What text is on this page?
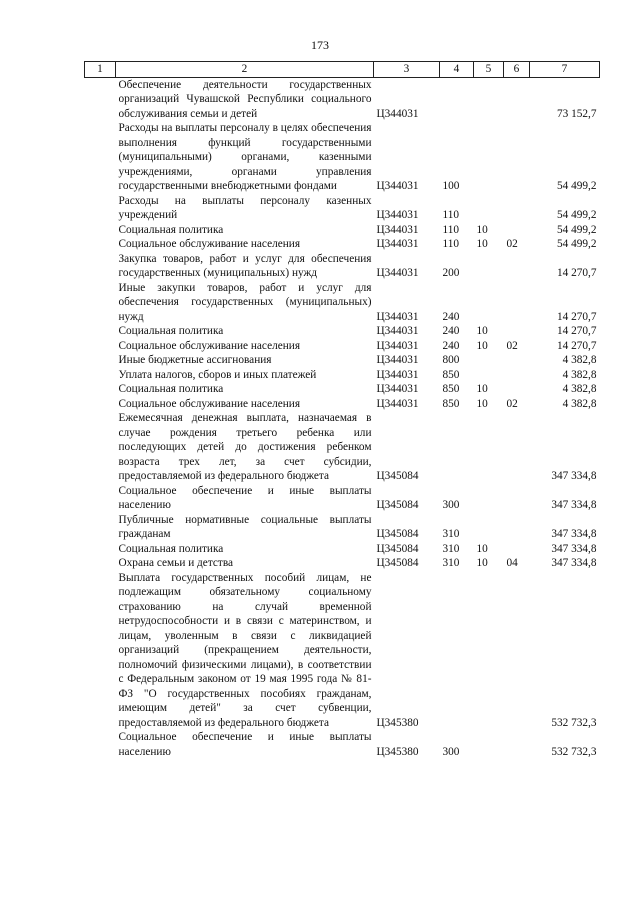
173
1	2	3	4	5	6	7
	Обеспечение деятельности государственных организаций Чувашской Республики социального обслуживания семьи и детей	Ц344031				73 152,7
	Расходы на выплаты персоналу в целях обеспечения выполнения функций государственными (муниципальными) органами, казенными учреждениями, органами управления государственными внебюджетными фондами	Ц344031	100			54 499,2
	Расходы на выплаты персоналу казенных учреждений	Ц344031	110			54 499,2
	Социальная политика	Ц344031	110	10		54 499,2
	Социальное обслуживание населения	Ц344031	110	10	02	54 499,2
	Закупка товаров, работ и услуг для обеспечения государственных (муниципальных) нужд	Ц344031	200			14 270,7
	Иные закупки товаров, работ и услуг для обеспечения государственных (муниципальных) нужд	Ц344031	240			14 270,7
	Социальная политика	Ц344031	240	10		14 270,7
	Социальное обслуживание населения	Ц344031	240	10	02	14 270,7
	Иные бюджетные ассигнования	Ц344031	800			4 382,8
	Уплата налогов, сборов и иных платежей	Ц344031	850			4 382,8
	Социальная политика	Ц344031	850	10		4 382,8
	Социальное обслуживание населения	Ц344031	850	10	02	4 382,8
	Ежемесячная денежная выплата, назначаемая в случае рождения третьего ребенка или последующих детей до достижения ребенком возраста трех лет, за счет субсидии, предоставляемой из федерального бюджета	Ц345084				347 334,8
	Социальное обеспечение и иные выплаты населению	Ц345084	300			347 334,8
	Публичные нормативные социальные выплаты гражданам	Ц345084	310			347 334,8
	Социальная политика	Ц345084	310	10		347 334,8
	Охрана семьи и детства	Ц345084	310	10	04	347 334,8
	Выплата государственных пособий лицам, не подлежащим обязательному социальному страхованию на случай временной нетрудоспособности и в связи с материнством, и лицам, уволенным в связи с ликвидацией организаций (прекращением деятельности, полномочий физическими лицами), в соответствии с Федеральным законом от 19 мая 1995 года № 81-ФЗ "О государственных пособиях гражданам, имеющим детей" за счет субвенции, предоставляемой из федерального бюджета	Ц345380				532 732,3
	Социальное обеспечение и иные выплаты населению	Ц345380	300			532 732,3
